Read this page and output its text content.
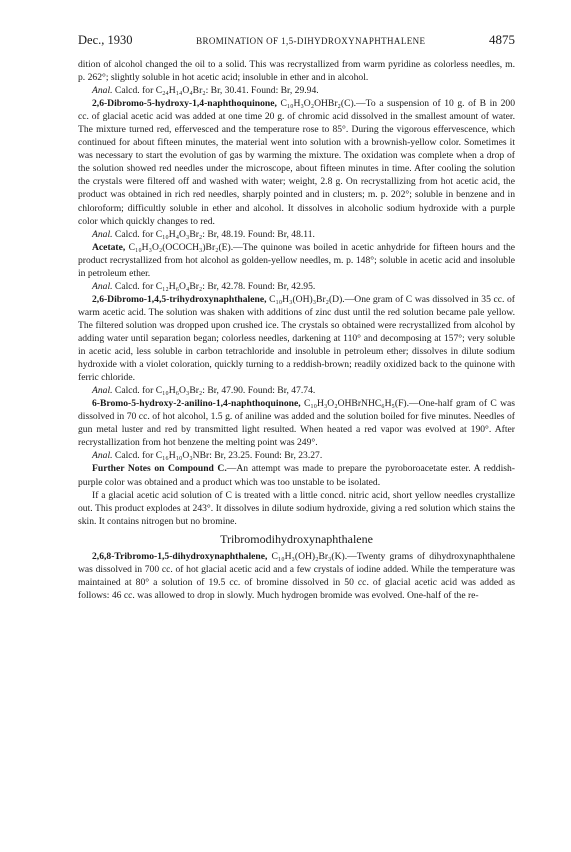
Dec., 1930	BROMINATION OF 1,5-DIHYDROXYNAPHTHALENE	4875

dition of alcohol changed the oil to a solid. This was recrystallized from warm pyridine as colorless needles, m. p. 262°; slightly soluble in hot acetic acid; insoluble in ether and in alcohol.

Anal. Calcd. for C₂₄H₁₄O₄Br₂: Br, 30.41. Found: Br, 29.94.

2,6-Dibromo-5-hydroxy-1,4-naphthoquinone, C₁₀H₃O₂OHBr₂(C).—To a suspension of 10 g. of B in 200 cc. of glacial acetic acid was added at one time 20 g. of chromic acid dissolved in the smallest amount of water. The mixture turned red, effervesced and the temperature rose to 85°. During the vigorous effervescence, which continued for about fifteen minutes, the material went into solution with a brownish-yellow color. Sometimes it was necessary to start the evolution of gas by warming the mixture. The oxidation was complete when a drop of the solution showed red needles under the microscope, about fifteen minutes in time. After cooling the solution the crystals were filtered off and washed with water; weight, 2.8 g. On recrystallizing from hot acetic acid, the product was obtained in rich red needles, sharply pointed and in clusters; m. p. 202°; soluble in benzene and in chloroform; difficultly soluble in ether and alcohol. It dissolves in alcoholic sodium hydroxide with a purple color which quickly changes to red.

Anal. Calcd. for C₁₀H₄O₃Br₂: Br, 48.19. Found: Br, 48.11.

Acetate, C₁₀H₃O₂(OCOCH₃)Br₂(E).—The quinone was boiled in acetic anhydride for fifteen hours and the product recrystallized from hot alcohol as golden-yellow needles, m. p. 148°; soluble in acetic acid and insoluble in petroleum ether.

Anal. Calcd. for C₁₂H₆O₄Br₂: Br, 42.78. Found: Br, 42.95.

2,6-Dibromo-1,4,5-trihydroxynaphthalene, C₁₀H₃(OH)₃Br₂(D).—One gram of C was dissolved in 35 cc. of warm acetic acid. The solution was shaken with additions of zinc dust until the red solution became pale yellow. The filtered solution was dropped upon crushed ice. The crystals so obtained were recrystallized from alcohol by adding water until separation began; colorless needles, darkening at 110° and decomposing at 157°; very soluble in acetic acid, less soluble in carbon tetrachloride and insoluble in petroleum ether; dissolves in dilute sodium hydroxide with a violet coloration, quickly turning to a reddish-brown; readily oxidized back to the quinone with ferric chloride.

Anal. Calcd. for C₁₀H₆O₃Br₂: Br, 47.90. Found: Br, 47.74.

6-Bromo-5-hydroxy-2-anilino-1,4-naphthoquinone, C₁₀H₃O₂OHBrNHC₆H₅(F).—One-half gram of C was dissolved in 70 cc. of hot alcohol, 1.5 g. of aniline was added and the solution boiled for five minutes. Needles of gun metal luster and red by transmitted light resulted. When heated a red vapor was evolved at 190°. After recrystallization from hot benzene the melting point was 249°.

Anal. Calcd. for C₁₆H₁₀O₃NBr: Br, 23.25. Found: Br, 23.27.

Further Notes on Compound C.—An attempt was made to prepare the pyroboroacetate ester. A reddish-purple color was obtained and a product which was too unstable to be isolated.

If a glacial acetic acid solution of C is treated with a little concd. nitric acid, short yellow needles crystallize out. This product explodes at 243°. It dissolves in dilute sodium hydroxide, giving a red solution which stains the skin. It contains nitrogen but no bromine.

Tribromodihydroxynaphthalene

2,6,8-Tribromo-1,5-dihydroxynaphthalene, C₁₀H₃(OH)₂Br₃(K).—Twenty grams of dihydroxynaphthalene was dissolved in 700 cc. of hot glacial acetic acid and a few crystals of iodine added. While the temperature was maintained at 80° a solution of 19.5 cc. of bromine dissolved in 50 cc. of glacial acetic acid was added as follows: 46 cc. was allowed to drop in slowly. Much hydrogen bromide was evolved. One-half of the re-
